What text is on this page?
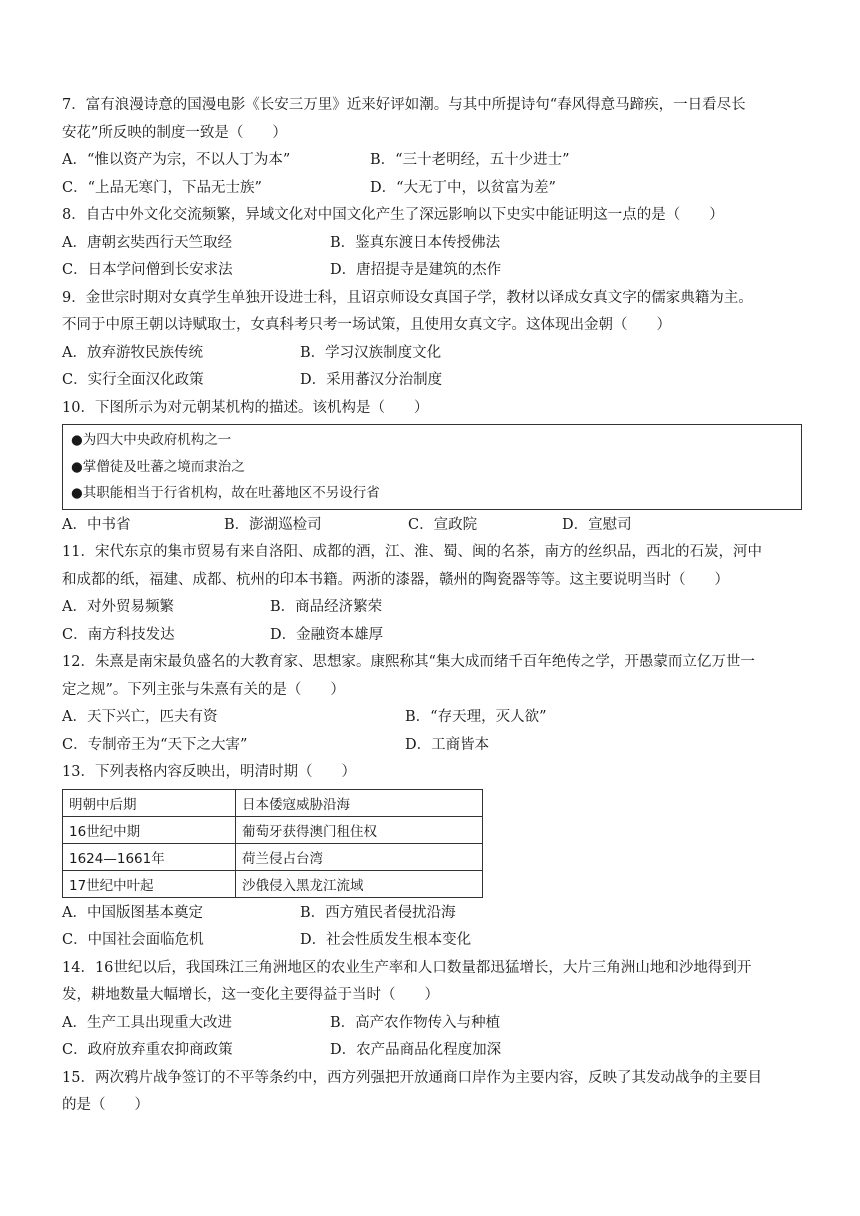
7．富有浪漫诗意的国漫电影《长安三万里》近来好评如潮。与其中所提诗句“春风得意马蹄疾，一日看尽长
安花”所反映的制度一致是（　　）
A．“惟以资产为宗，不以人丁为本”	B．“三十老明经，五十少进士”
C．“上品无寒门，下品无士族”	D．“大无丁中，以贫富为差”
8．自古中外文化交流频繁，异域文化对中国文化产生了深远影响以下史实中能证明这一点的是（　　）
A．唐朝玄奘西行天竺取经	B．鉴真东渡日本传授佛法
C．日本学问僧到长安求法	D．唐招提寺是建筑的杰作
9．金世宗时期对女真学生单独开设进士科，且诏京师设女真国子学，教材以译成女真文字的儒家典籍为主。
不同于中原王朝以诗赋取士，女真科考只考一场试策，且使用女真文字。这体现出金朝（　　）
A．放弃游牧民族传统	B．学习汉族制度文化
C．实行全面汉化政策	D．采用蕃汉分治制度
10．下图所示为对元朝某机构的描述。该机构是（　　）
●为四大中央政府机构之一
●掌僧徒及吐蕃之境而隶治之
●其职能相当于行省机构，故在吐蕃地区不另设行省
A．中书省	B．澎湖巡检司	C．宣政院	D．宣慰司
11．宋代东京的集市贸易有来自洛阳、成都的酒，江、淮、蜀、闽的名茶，南方的丝织品，西北的石炭，河中
和成都的纸，福建、成都、杭州的印本书籍。两浙的漆器，赣州的陶瓷器等等。这主要说明当时（　　）
A．对外贸易频繁	B．商品经济繁荣
C．南方科技发达	D．金融资本雄厚
12．朱熹是南宋最负盛名的大教育家、思想家。康熙称其“集大成而绪千百年绝传之学，开愚蒙而立亿万世一
定之规”。下列主张与朱熹有关的是（　　）
A．天下兴亡，匹夫有资	B．“存天理，灭人欲”
C．专制帝王为“天下之大害”	D．工商皆本
13．下列表格内容反映出，明清时期（　　）
明朝中后期	日本倭寇威胁沿海
16世纪中期	葡萄牙获得澳门租住权
1624—1661年	荷兰侵占台湾
17世纪中叶起	沙俄侵入黑龙江流域
A．中国版图基本奠定	B．西方殖民者侵扰沿海
C．中国社会面临危机	D．社会性质发生根本变化
14．16世纪以后，我国珠江三角洲地区的农业生产率和人口数量都迅猛增长，大片三角洲山地和沙地得到开
发，耕地数量大幅增长，这一变化主要得益于当时（　　）
A．生产工具出现重大改进	B．高产农作物传入与种植
C．政府放弃重农抑商政策	D．农产品商品化程度加深
15．两次鸦片战争签订的不平等条约中，西方列强把开放通商口岸作为主要内容，反映了其发动战争的主要目
的是（　　）
